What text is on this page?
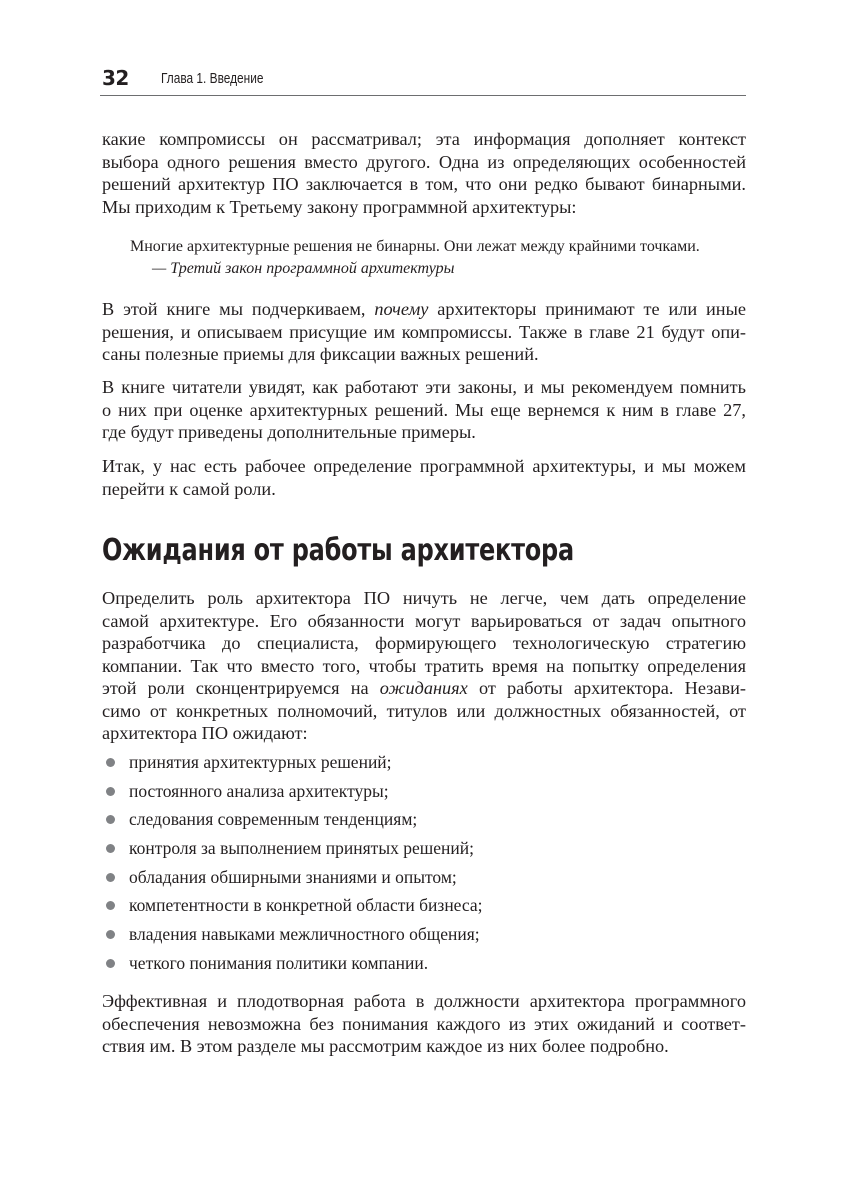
32 Глава 1. Введение
какие компромиссы он рассматривал; эта информация дополняет контекст
выбора одного решения вместо другого. Одна из определяющих особенностей
решений архитектур ПО заключается в том, что они редко бывают бинарными.
Мы приходим к Третьему закону программной архитектуры:
Многие архитектурные решения не бинарны. Они лежат между крайними точками.
— Третий закон программной архитектуры
В этой книге мы подчеркиваем, почему архитекторы принимают те или иные
решения, и описываем присущие им компромиссы. Также в главе 21 будут опи-
саны полезные приемы для фиксации важных решений.
В книге читатели увидят, как работают эти законы, и мы рекомендуем помнить
о них при оценке архитектурных решений. Мы еще вернемся к ним в главе 27,
где будут приведены дополнительные примеры.
Итак, у нас есть рабочее определение программной архитектуры, и мы можем
перейти к самой роли.
Ожидания от работы архитектора
Определить роль архитектора ПО ничуть не легче, чем дать определение
самой архитектуре. Его обязанности могут варьироваться от задач опытного
разработчика до специалиста, формирующего технологическую стратегию
компании. Так что вместо того, чтобы тратить время на попытку определения
этой роли сконцентрируемся на ожиданиях от работы архитектора. Незави-
симо от конкретных полномочий, титулов или должностных обязанностей, от
архитектора ПО ожидают:
принятия архитектурных решений;
постоянного анализа архитектуры;
следования современным тенденциям;
контроля за выполнением принятых решений;
обладания обширными знаниями и опытом;
компетентности в конкретной области бизнеса;
владения навыками межличностного общения;
четкого понимания политики компании.
Эффективная и плодотворная работа в должности архитектора программного
обеспечения невозможна без понимания каждого из этих ожиданий и соответ-
ствия им. В этом разделе мы рассмотрим каждое из них более подробно.
